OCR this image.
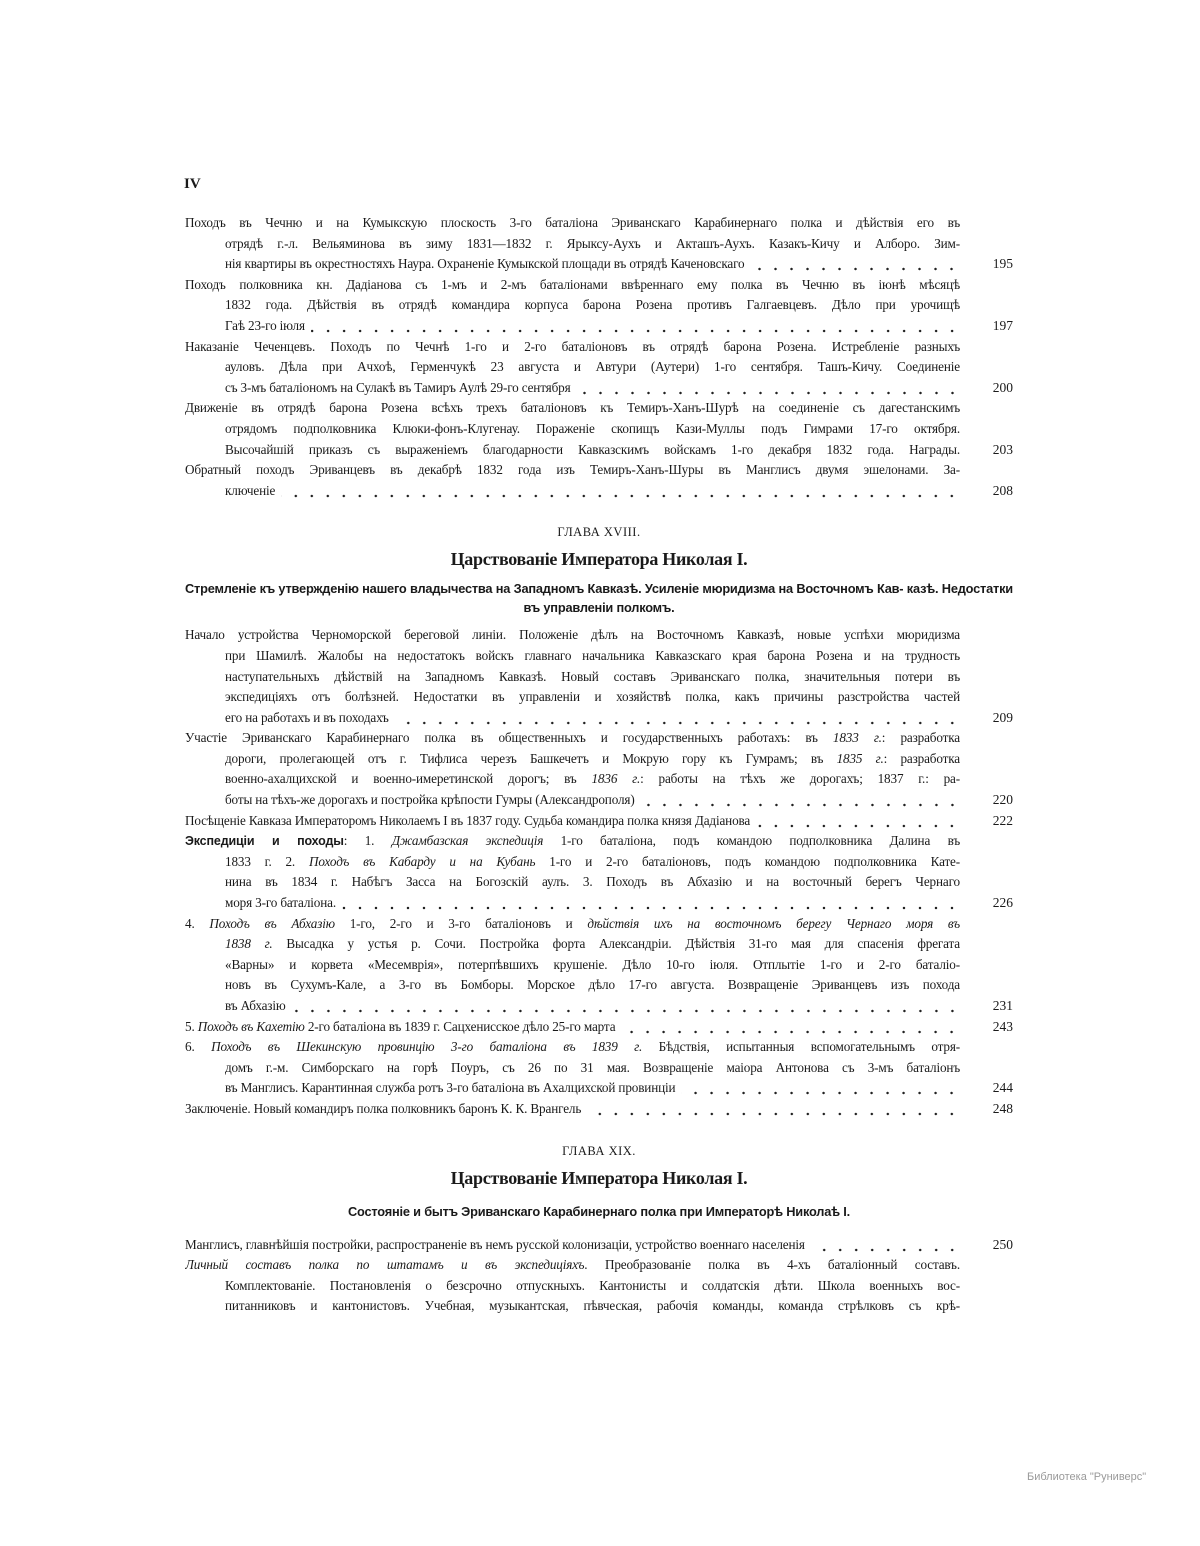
IV
Походъ въ Чечню и на Кумыкскую плоскость 3-го баталіона Эриванскаго Карабинернаго полка и дѣйствія его въ
отрядѣ г.-л. Вельяминова въ зиму 1831—1832 г. Ярыксу-Аухъ и Акташъ-Аухъ. Казакъ-Кичу и Алборо. Зим-
нія квартиры въ окрестностяхъ Наура. Охраненіе Кумыкской площади въ отрядѣ Каченовскаго	195
Походъ полковника кн. Дадіанова съ 1-мъ и 2-мъ баталіонами ввѣреннаго ему полка въ Чечню въ іюнѣ мѣсяцѣ
1832 года. Дѣйствія въ отрядѣ командира корпуса барона Розена противъ Галгаевцевъ. Дѣло при урочищѣ
Гаѣ 23-го іюля	197
Наказаніе Чеченцевъ. Походъ по Чечнѣ 1-го и 2-го баталіоновъ въ отрядѣ барона Розена. Истребленіе разныхъ
ауловъ. Дѣла при Ачхоѣ, Герменчукѣ 23 августа и Автури (Аутери) 1-го сентября. Ташъ-Кичу. Соединеніе
съ 3-мъ баталіономъ на Сулакѣ въ Тамиръ Аулѣ 29-го сентября	200
Движеніе въ отрядѣ барона Розена всѣхъ трехъ баталіоновъ къ Темиръ-Ханъ-Шурѣ на соединеніе съ дагестанскимъ
отрядомъ подполковника Клюки-фонъ-Клугенау. Пораженіе скопищъ Кази-Муллы подъ Гимрами 17-го октября.
Высочайшій приказъ съ выраженіемъ благодарности Кавказскимъ войскамъ 1-го декабря 1832 года. Награды. 203
Обратный походъ Эриванцевъ въ декабрѣ 1832 года изъ Темиръ-Ханъ-Шуры въ Манглисъ двумя эшелонами. За-
ключеніе	208
ГЛАВА XVIII.
Царствованіе Императора Николая I.
Стремленіе къ утвержденію нашего владычества на Западномъ Кавказѣ. Усиленіе мюридизма на Восточномъ Кав- казѣ. Недостатки въ управленіи полкомъ.
Начало устройства Черноморской береговой линіи. Положеніе дѣлъ на Восточномъ Кавказѣ, новые успѣхи мюридизма
при Шамилѣ. Жалобы на недостатокъ войскъ главнаго начальника Кавказскаго края барона Розена и на трудность
наступательныхъ дѣйствій на Западномъ Кавказѣ. Новый составъ Эриванскаго полка, значительныя потери въ
экспедиціяхъ отъ болѣзней. Недостатки въ управленіи и хозяйствѣ полка, какъ причины разстройства частей
его на работахъ и въ походахъ	209
Участіе Эриванскаго Карабинернаго полка въ общественныхъ и государственныхъ работахъ: въ 1833 г.: разработка
дороги, пролегающей отъ г. Тифлиса черезъ Башкечетъ и Мокрую гору къ Гумрамъ; въ 1835 г.: разработка
военно-ахалцихской и военно-имеретинской дорогъ; въ 1836 г.: работы на тѣхъ же дорогахъ; 1837 г.: ра-
боты на тѣхъ-же дорогахъ и постройка крѣпости Гумры (Александрополя)	220
Посѣщеніе Кавказа Императоромъ Николаемъ I въ 1837 году. Судьба командира полка князя Дадіанова	222
Экспедиціи и походы: 1. Джамбазская экспедиція 1-го баталіона, подъ командою подполковника Далина въ
1833 г. 2. Походъ въ Кабарду и на Кубань 1-го и 2-го баталіоновъ, подъ командою подполковника Кате-
нина въ 1834 г. Набѣгъ Засса на Богозскій аулъ. 3. Походъ въ Абхазію и на восточный берегъ Чернаго
моря 3-го баталіона.	226
4. Походъ въ Абхазію 1-го, 2-го и 3-го баталіоновъ и дѣйствія ихъ на восточномъ берегу Чернаго моря въ
1838 г. Высадка у устья р. Сочи. Постройка форта Александріи. Дѣйствія 31-го мая для спасенія фрегата
«Варны» и корвета «Месемврія», потерпѣвшихъ крушеніе. Дѣло 10-го іюля. Отплытіе 1-го и 2-го баталіо-
новъ въ Сухумъ-Кале, а 3-го въ Бомборы. Морское дѣло 17-го августа. Возвращеніе Эриванцевъ изъ похода
въ Абхазію	231
5. Походъ въ Кахетію 2-го баталіона въ 1839 г. Сацхенисское дѣло 25-го марта	243
6. Походъ въ Шекинскую провинцію 3-го баталіона въ 1839 г. Бѣдствія, испытанныя вспомогательнымъ отря-
домъ г.-м. Симборскаго на горѣ Поуръ, съ 26 по 31 мая. Возвращеніе маіора Антонова съ 3-мъ баталіонъ
въ Манглисъ. Карантинная служба ротъ 3-го баталіона въ Ахалцихской провинціи	244
Заключеніе. Новый командиръ полка полковникъ баронъ К. К. Врангель	248
ГЛАВА XIX.
Царствованіе Императора Николая I.
Состояніе и бытъ Эриванскаго Карабинернаго полка при Императорѣ Николаѣ I.
Манглисъ, главнѣйшія постройки, распространеніе въ немъ русской колонизаціи, устройство военнаго населенія	250
Личный составъ полка по штатамъ и въ экспедиціяхъ. Преобразованіе полка въ 4-хъ баталіонный составъ.
Комплектованіе. Постановленія о безсрочно отпускныхъ. Кантонисты и солдатскія дѣти. Школа военныхъ вос-
питанниковъ и кантонистовъ. Учебная, музыкантская, пѣвческая, рабочія команды, команда стрѣлковъ съ крѣ-
Библиотека "Руниверс"
